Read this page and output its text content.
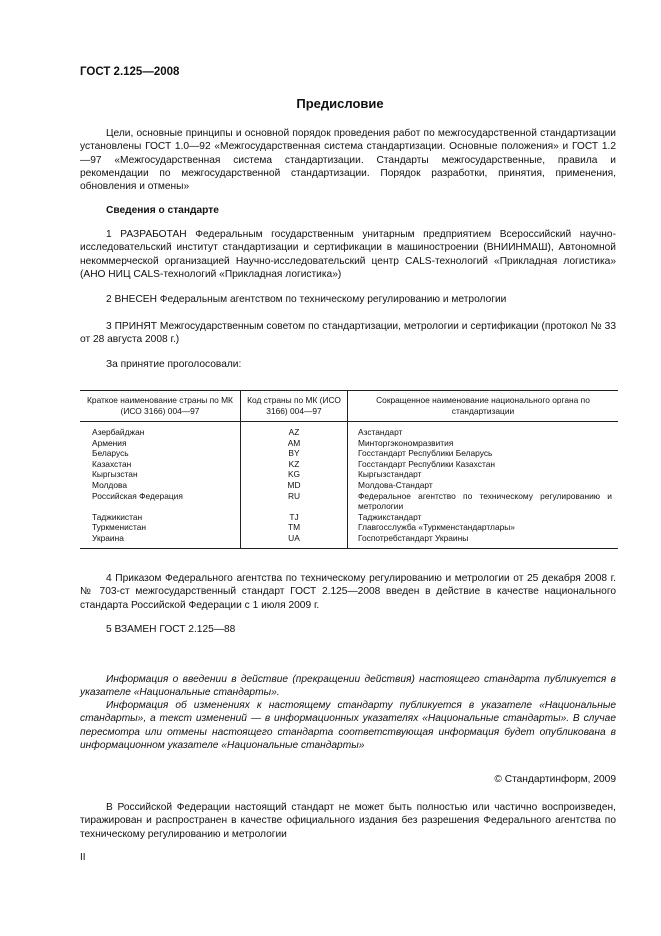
ГОСТ 2.125—2008
Предисловие

Цели, основные принципы и основной порядок проведения работ по межгосударственной стандартизации установлены ГОСТ 1.0—92 «Межгосударственная система стандартизации. Основные положения» и ГОСТ 1.2—97 «Межгосударственная система стандартизации. Стандарты межгосударственные, правила и рекомендации по межгосударственной стандартизации. Порядок разработки, принятия, применения, обновления и отмены»

Сведения о стандарте

1 РАЗРАБОТАН Федеральным государственным унитарным предприятием Всероссийский научно-исследовательский институт стандартизации и сертификации в машиностроении (ВНИИНМАШ), Автономной некоммерческой организацией Научно-исследовательский центр CALS-технологий «Прикладная логистика» (АНО НИЦ CALS-технологий «Прикладная логистика»)

2 ВНЕСЕН Федеральным агентством по техническому регулированию и метрологии

3 ПРИНЯТ Межгосударственным советом по стандартизации, метрологии и сертификации (протокол № 33 от 28 августа 2008 г.)

За принятие проголосовали:

Краткое наименование страны по МК (ИСО 3166) 004—97	Код страны по МК (ИСО 3166) 004—97	Сокращенное наименование национального органа по стандартизации
Азербайджан	AZ	Азстандарт
Армения	AM	Минторгэкономразвития
Беларусь	BY	Госстандарт Республики Беларусь
Казахстан	KZ	Госстандарт Республики Казахстан
Кыргызстан	KG	Кыргызстандарт
Молдова	MD	Молдова-Стандарт
Российская Федерация	RU	Федеральное агентство по техническому регулированию и метрологии
Таджикистан	TJ	Таджикстандарт
Туркменистан	TM	Главгосслужба «Туркменстандартлары»
Украина	UA	Госпотребстандарт Украины

4 Приказом Федерального агентства по техническому регулированию и метрологии от 25 декабря 2008 г. № 703-ст межгосударственный стандарт ГОСТ 2.125—2008 введен в действие в качестве национального стандарта Российской Федерации с 1 июля 2009 г.

5 ВЗАМЕН ГОСТ 2.125—88

Информация о введении в действие (прекращении действия) настоящего стандарта публикуется в указателе «Национальные стандарты».

Информация об изменениях к настоящему стандарту публикуется в указателе «Национальные стандарты», а текст изменений — в информационных указателях «Национальные стандарты». В случае пересмотра или отмены настоящего стандарта соответствующая информация будет опубликована в информационном указателе «Национальные стандарты»

© Стандартинформ, 2009

В Российской Федерации настоящий стандарт не может быть полностью или частично воспроизведен, тиражирован и распространен в качестве официального издания без разрешения Федерального агентства по техническому регулированию и метрологии

II
